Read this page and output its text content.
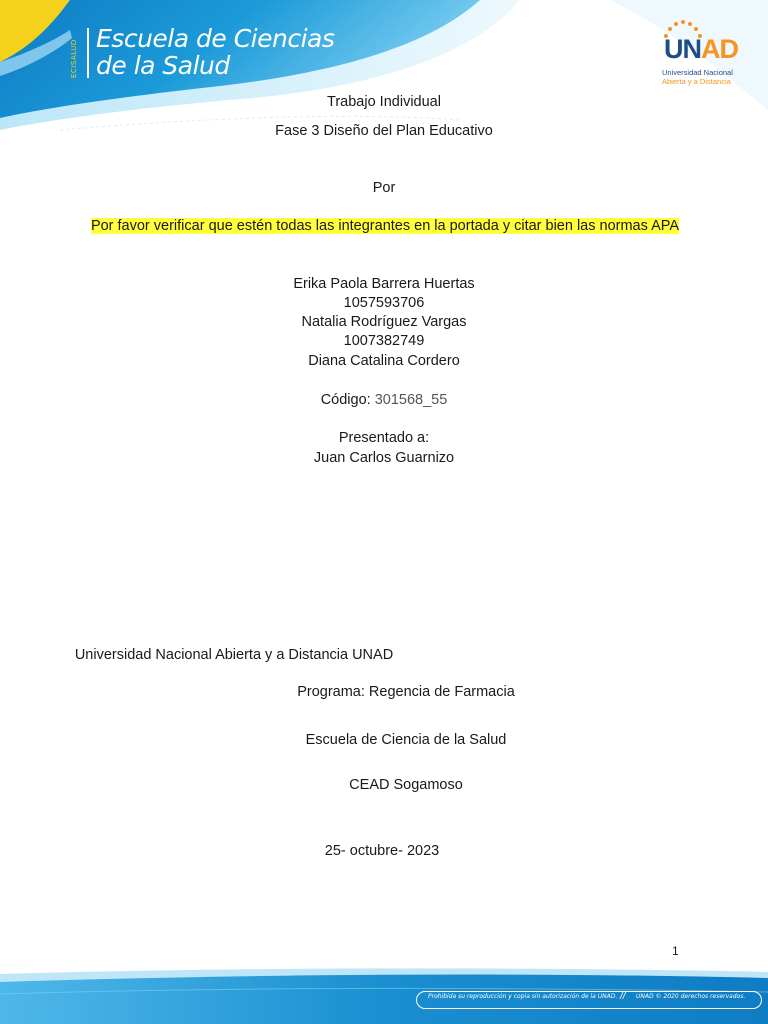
ECISALUD
Escuela de Ciencias
de la Salud
UNAD
Universidad Nacional
Abierta y a Distancia
Trabajo Individual
Fase 3 Diseño del Plan Educativo
Por
Por favor verificar que estén todas las integrantes en la portada y citar bien las normas APA
Erika Paola Barrera Huertas
1057593706
Natalia Rodríguez Vargas
1007382749
Diana Catalina Cordero
Código: 301568_55
Presentado a:
Juan Carlos Guarnizo
Universidad Nacional Abierta y a Distancia UNAD
Programa: Regencia de Farmacia
Escuela de Ciencia de la Salud
CEAD Sogamoso
25- octubre- 2023
1
Prohibida su reproducción y copia sin autorización de la UNAD. // UNAD © 2020 derechos reservados.
